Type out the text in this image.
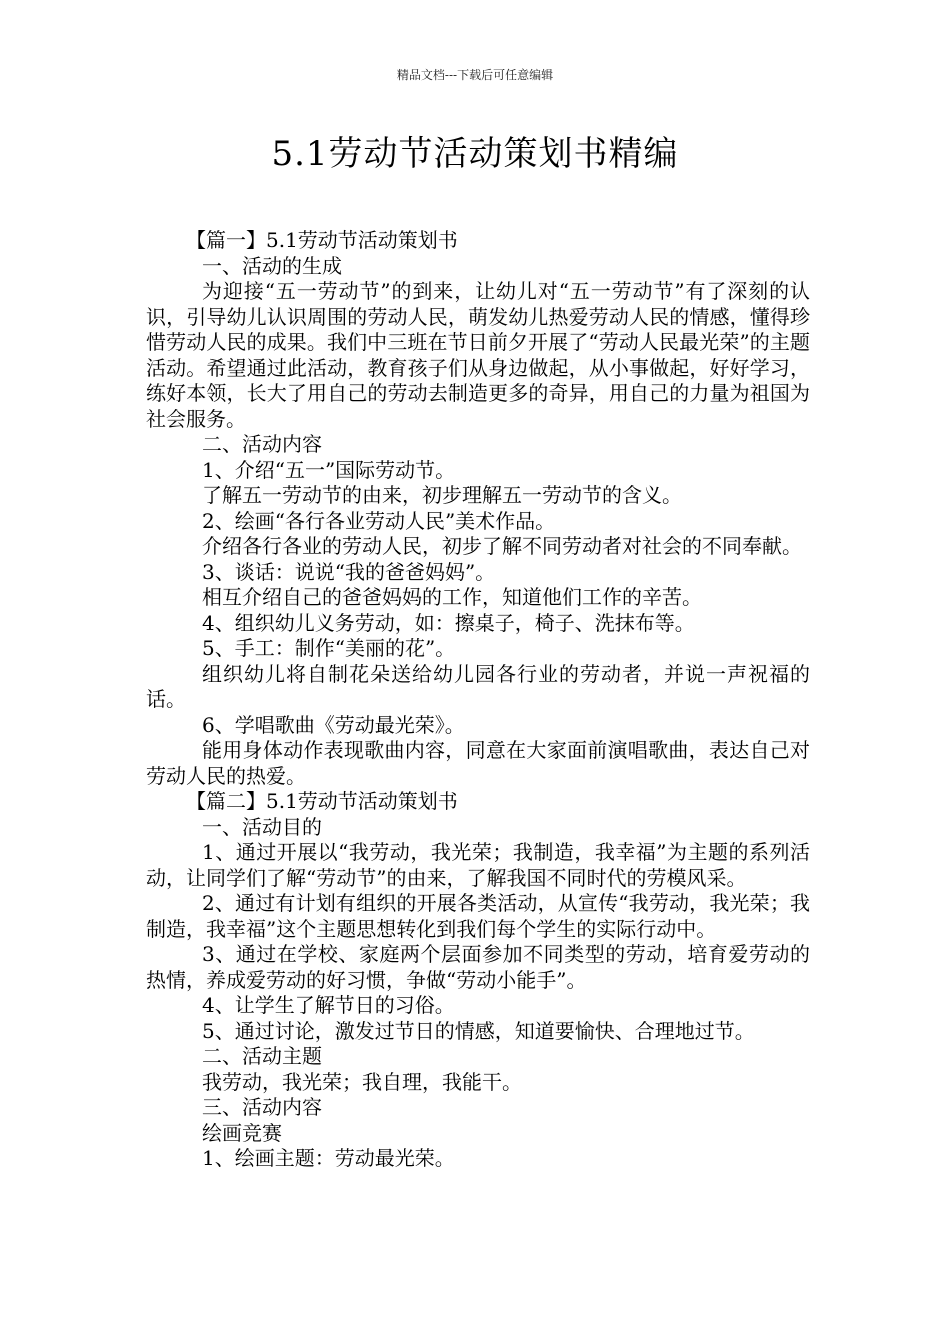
精品文档---下载后可任意编辑
5.1劳动节活动策划书精编

【篇一】5.1劳动节活动策划书

一、活动的生成

为迎接“五一劳动节”的到来，让幼儿对“五一劳动节”有了深刻的认识，引导幼儿认识周围的劳动人民，萌发幼儿热爱劳动人民的情感，懂得珍惜劳动人民的成果。我们中三班在节日前夕开展了“劳动人民最光荣”的主题活动。希望通过此活动，教育孩子们从身边做起，从小事做起，好好学习，练好本领，长大了用自己的劳动去制造更多的奇异，用自己的力量为祖国为社会服务。

二、活动内容

1、介绍“五一”国际劳动节。

了解五一劳动节的由来，初步理解五一劳动节的含义。

2、绘画“各行各业劳动人民”美术作品。

介绍各行各业的劳动人民，初步了解不同劳动者对社会的不同奉献。

3、谈话：说说“我的爸爸妈妈”。

相互介绍自己的爸爸妈妈的工作，知道他们工作的辛苦。

4、组织幼儿义务劳动，如：擦桌子，椅子、洗抹布等。

5、手工：制作“美丽的花”。

组织幼儿将自制花朵送给幼儿园各行业的劳动者，并说一声祝福的话。

6、学唱歌曲《劳动最光荣》。

能用身体动作表现歌曲内容，同意在大家面前演唱歌曲，表达自己对劳动人民的热爱。

【篇二】5.1劳动节活动策划书

一、活动目的

1、通过开展以“我劳动，我光荣；我制造，我幸福”为主题的系列活动，让同学们了解“劳动节”的由来，了解我国不同时代的劳模风采。

2、通过有计划有组织的开展各类活动，从宣传“我劳动，我光荣；我制造，我幸福”这个主题思想转化到我们每个学生的实际行动中。

3、通过在学校、家庭两个层面参加不同类型的劳动，培育爱劳动的热情，养成爱劳动的好习惯，争做“劳动小能手”。

4、让学生了解节日的习俗。

5、通过讨论，激发过节日的情感，知道要愉快、合理地过节。

二、活动主题

我劳动，我光荣；我自理，我能干。

三、活动内容

绘画竞赛

1、绘画主题：劳动最光荣。
